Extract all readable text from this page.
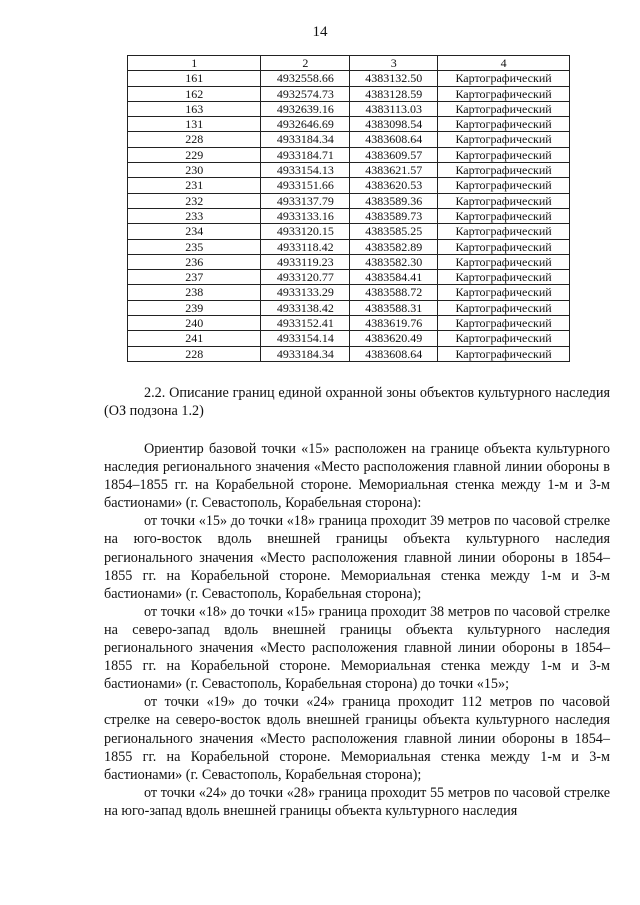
14
1	2	3	4
161	4932558.66	4383132.50	Картографический
162	4932574.73	4383128.59	Картографический
163	4932639.16	4383113.03	Картографический
131	4932646.69	4383098.54	Картографический
228	4933184.34	4383608.64	Картографический
229	4933184.71	4383609.57	Картографический
230	4933154.13	4383621.57	Картографический
231	4933151.66	4383620.53	Картографический
232	4933137.79	4383589.36	Картографический
233	4933133.16	4383589.73	Картографический
234	4933120.15	4383585.25	Картографический
235	4933118.42	4383582.89	Картографический
236	4933119.23	4383582.30	Картографический
237	4933120.77	4383584.41	Картографический
238	4933133.29	4383588.72	Картографический
239	4933138.42	4383588.31	Картографический
240	4933152.41	4383619.76	Картографический
241	4933154.14	4383620.49	Картографический
228	4933184.34	4383608.64	Картографический

2.2. Описание границ единой охранной зоны объектов культурного наследия (ОЗ подзона 1.2)

Ориентир базовой точки «15» расположен на границе объекта культурного наследия регионального значения «Место расположения главной линии обороны в 1854–1855 гг. на Корабельной стороне. Мемориальная стенка между 1-м и 3-м бастионами» (г. Севастополь, Корабельная сторона):

от точки «15» до точки «18» граница проходит 39 метров по часовой стрелке на юго-восток вдоль внешней границы объекта культурного наследия регионального значения «Место расположения главной линии обороны в 1854–1855 гг. на Корабельной стороне. Мемориальная стенка между 1-м и 3-м бастионами» (г. Севастополь, Корабельная сторона);

от точки «18» до точки «15» граница проходит 38 метров по часовой стрелке на северо-запад вдоль внешней границы объекта культурного наследия регионального значения «Место расположения главной линии обороны в 1854–1855 гг. на Корабельной стороне. Мемориальная стенка между 1-м и 3-м бастионами» (г. Севастополь, Корабельная сторона) до точки «15»;

от точки «19» до точки «24» граница проходит 112 метров по часовой стрелке на северо-восток вдоль внешней границы объекта культурного наследия регионального значения «Место расположения главной линии обороны в 1854–1855 гг. на Корабельной стороне. Мемориальная стенка между 1-м и 3-м бастионами» (г. Севастополь, Корабельная сторона);

от точки «24» до точки «28» граница проходит 55 метров по часовой стрелке на юго-запад вдоль внешней границы объекта культурного наследия
